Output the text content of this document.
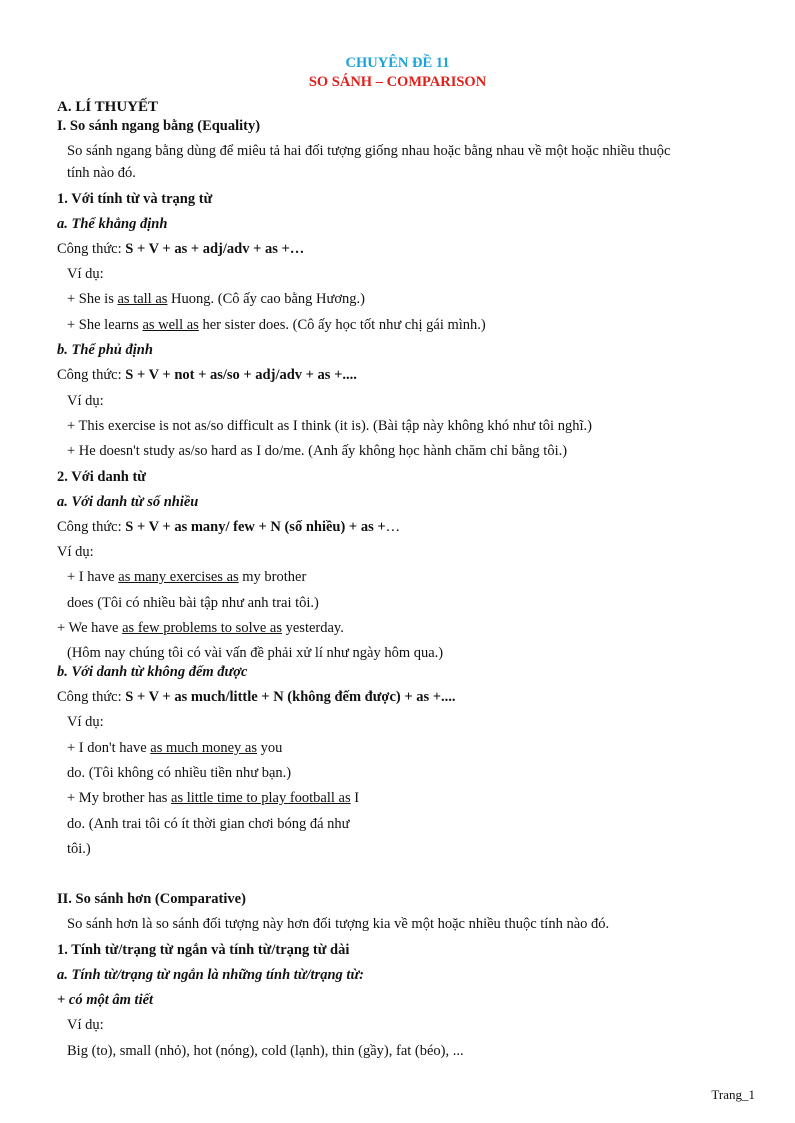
CHUYÊN ĐỀ 11
SO SÁNH – COMPARISON
A. LÍ THUYẾT
I. So sánh ngang bằng (Equality)
So sánh ngang bằng dùng để miêu tả hai đối tượng giống nhau hoặc bằng nhau về một hoặc nhiều thuộc
tính nào đó.
1. Với tính từ và trạng từ
a. Thể khẳng định
Công thức: S + V + as + adj/adv + as +…
Ví dụ:
+ She is as tall as Huong. (Cô ấy cao bằng Hương.)
+ She learns as well as her sister does. (Cô ấy học tốt như chị gái mình.)
b. Thể phủ định
Công thức: S + V + not + as/so + adj/adv + as +....
Ví dụ:
+ This exercise is not as/so difficult as I think (it is). (Bài tập này không khó như tôi nghĩ.)
+ He doesn't study as/so hard as I do/me. (Anh ấy không học hành chăm chỉ bằng tôi.)
2. Với danh từ
a. Với danh từ số nhiều
Công thức: S + V + as many/ few + N (số nhiều) + as +…
Ví dụ:
+ I have as many exercises as my brother
does (Tôi có nhiều bài tập như anh trai tôi.)
+ We have as few problems to solve as yesterday.
(Hôm nay chúng tôi có vài vấn đề phải xử lí như ngày hôm qua.)
b. Với danh từ không đếm được
Công thức: S + V + as much/little + N (không đếm được) + as +....
Ví dụ:
+ I don't have as much money as you
do. (Tôi không có nhiều tiền như bạn.)
+ My brother has as little time to play football as I
do. (Anh trai tôi có ít thời gian chơi bóng đá như
tôi.)
II. So sánh hơn (Comparative)
So sánh hơn là so sánh đối tượng này hơn đối tượng kia về một hoặc nhiều thuộc tính nào đó.
1. Tính từ/trạng từ ngắn và tính từ/trạng từ dài
a. Tính từ/trạng từ ngắn là những tính từ/trạng từ:
+ có một âm tiết
Ví dụ:
Big (to), small (nhỏ), hot (nóng), cold (lạnh), thin (gầy), fat (béo), ...
Trang_1
